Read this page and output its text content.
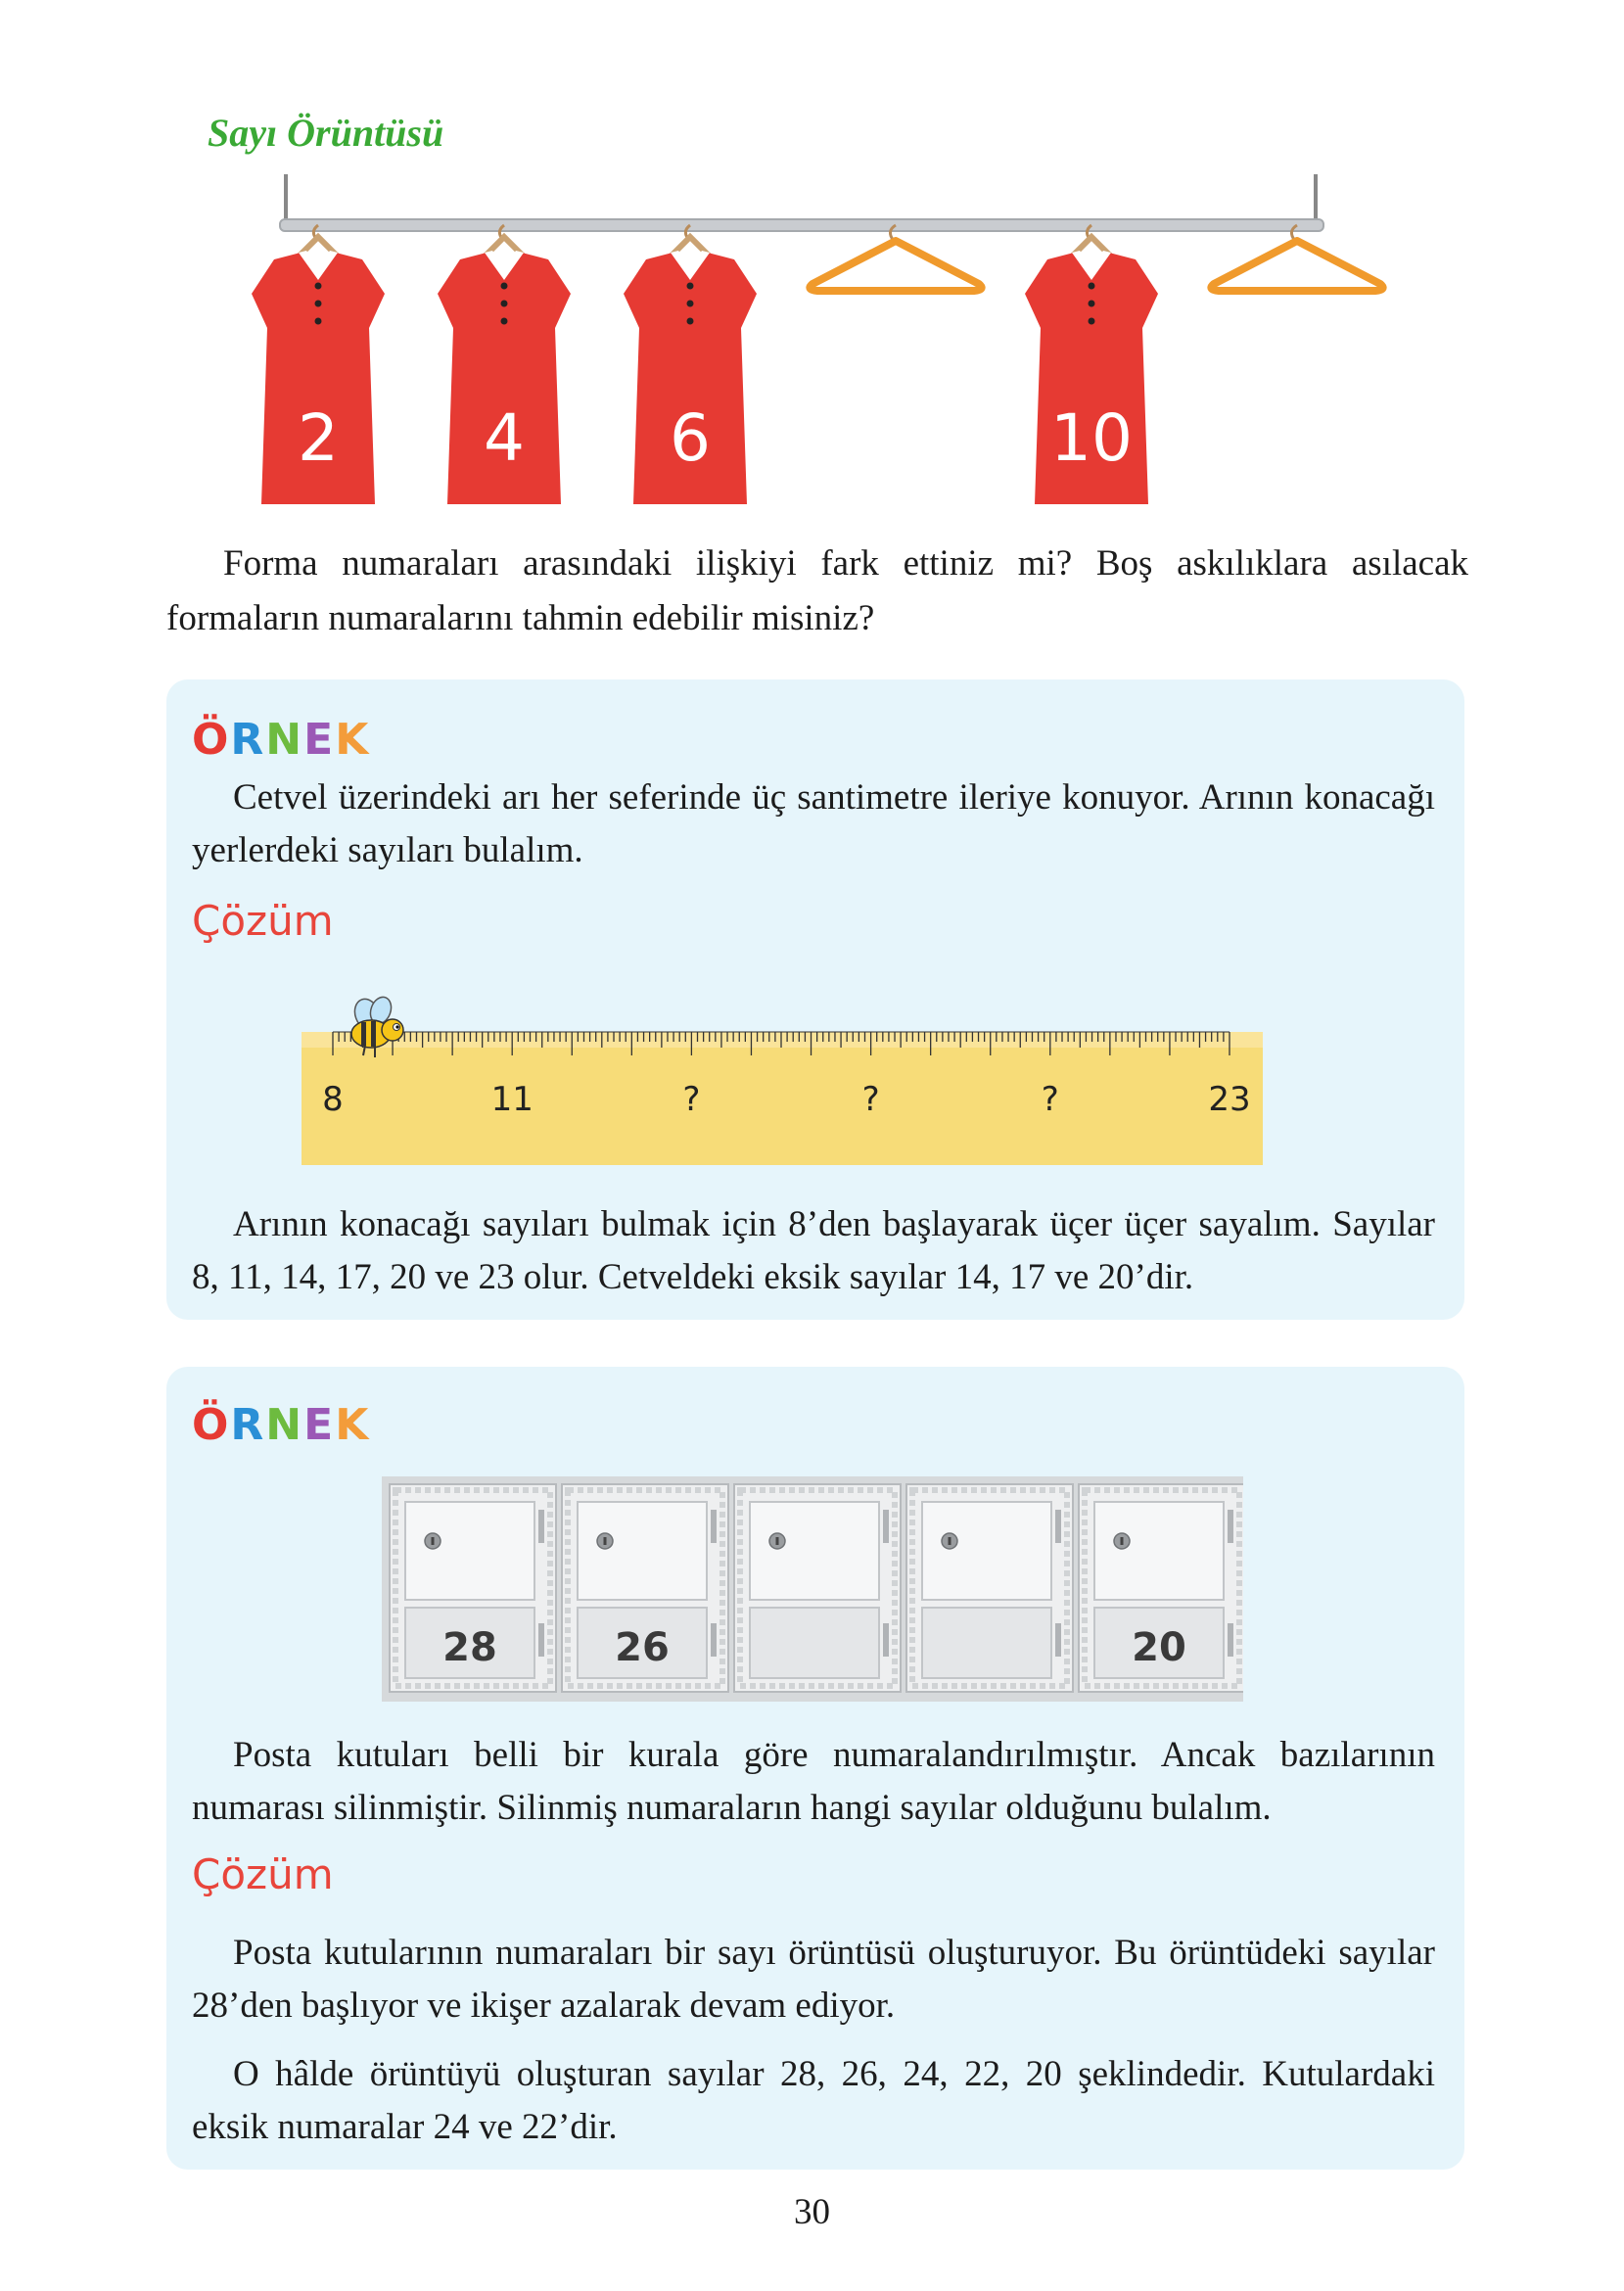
Sayı Örüntüsü
2 4 6	10

Forma numaraları arasındaki ilişkiyi fark ettiniz mi? Boş askılıklara asılacak formaların numaralarını tahmin edebilir misiniz?

ÖRNEK

Cetvel üzerindeki arı her seferinde üç santimetre ileriye konuyor. Arının konacağı yerlerdeki sayıları bulalım.

Çözüm
8	11	?	?	?	23

Arının konacağı sayıları bulmak için 8’den başlayarak üçer üçer sayalım. Sayılar 8, 11, 14, 17, 20 ve 23 olur. Cetveldeki eksik sayılar 14, 17 ve 20’dir.

ÖRNEK
28	26	20

Posta kutuları belli bir kurala göre numaralandırılmıştır. Ancak bazılarının numarası silinmiştir. Silinmiş numaraların hangi sayılar olduğunu bulalım.

Çözüm

Posta kutularının numaraları bir sayı örüntüsü oluşturuyor. Bu örüntüdeki sayılar 28’den başlıyor ve ikişer azalarak devam ediyor.

O hâlde örüntüyü oluşturan sayılar 28, 26, 24, 22, 20 şeklindedir. Kutulardaki eksik numaralar 24 ve 22’dir.

30
